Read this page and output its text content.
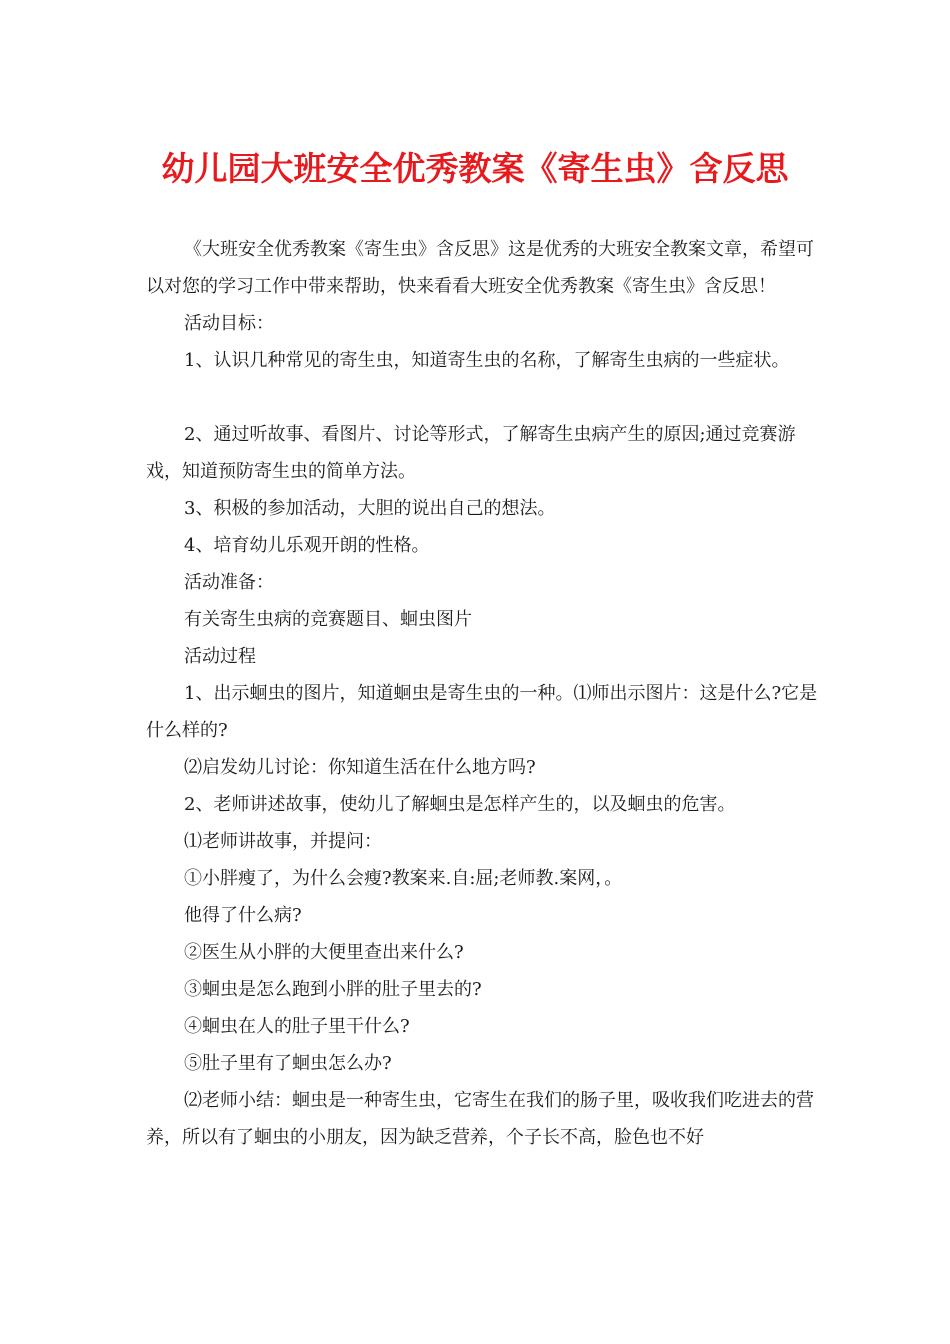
幼儿园大班安全优秀教案《寄生虫》含反思

《大班安全优秀教案《寄生虫》含反思》这是优秀的大班安全教案文章，希望可以对您的学习工作中带来帮助，快来看看大班安全优秀教案《寄生虫》含反思！

活动目标：

1、认识几种常见的寄生虫，知道寄生虫的名称，了解寄生虫病的一些症状。

2、通过听故事、看图片、讨论等形式，了解寄生虫病产生的原因;通过竞赛游戏，知道预防寄生虫的简单方法。

3、积极的参加活动，大胆的说出自己的想法。

4、培育幼儿乐观开朗的性格。

活动准备：

有关寄生虫病的竞赛题目、蛔虫图片

活动过程

1、出示蛔虫的图片，知道蛔虫是寄生虫的一种。⑴师出示图片：这是什么?它是什么样的?

⑵启发幼儿讨论：你知道生活在什么地方吗?

2、老师讲述故事，使幼儿了解蛔虫是怎样产生的，以及蛔虫的危害。

⑴老师讲故事，并提问：

①小胖瘦了，为什么会瘦?教案来.自:屈;老师教.案网，。

他得了什么病?

②医生从小胖的大便里查出来什么?

③蛔虫是怎么跑到小胖的肚子里去的?

④蛔虫在人的肚子里干什么?

⑤肚子里有了蛔虫怎么办?

⑵老师小结：蛔虫是一种寄生虫，它寄生在我们的肠子里，吸收我们吃进去的营养，所以有了蛔虫的小朋友，因为缺乏营养，个子长不高，脸色也不好
